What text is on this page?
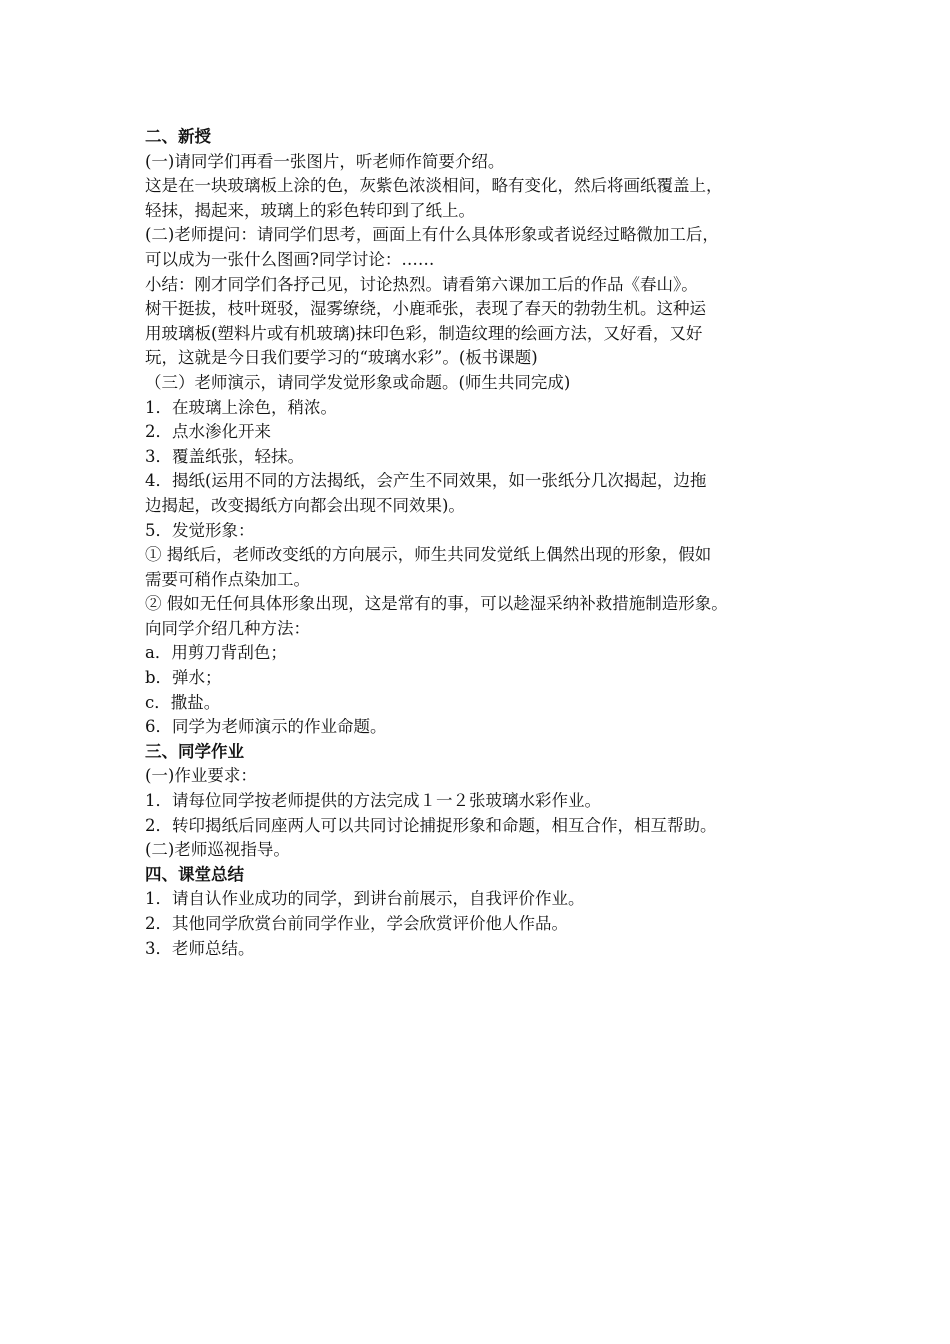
二、新授

(一)请同学们再看一张图片，听老师作简要介绍。

这是在一块玻璃板上涂的色，灰紫色浓淡相间，略有变化，然后将画纸覆盖上，

轻抹，揭起来，玻璃上的彩色转印到了纸上。

(二)老师提问：请同学们思考，画面上有什么具体形象或者说经过略微加工后，

可以成为一张什么图画?同学讨论：……

小结：刚才同学们各抒己见，讨论热烈。请看第六课加工后的作品《春山》。

树干挺拔，枝叶斑驳，湿雾缭绕，小鹿乖张，表现了春天的勃勃生机。这种运

用玻璃板(塑料片或有机玻璃)抹印色彩，制造纹理的绘画方法，又好看，又好

玩，这就是今日我们要学习的“玻璃水彩”。(板书课题)

（三）老师演示，请同学发觉形象或命题。(师生共同完成)

1．在玻璃上涂色，稍浓。

2．点水渗化开来

3．覆盖纸张，轻抹。

4．揭纸(运用不同的方法揭纸，会产生不同效果，如一张纸分几次揭起，边拖

边揭起，改变揭纸方向都会出现不同效果)。

5．发觉形象：

① 揭纸后，老师改变纸的方向展示，师生共同发觉纸上偶然出现的形象，假如

需要可稍作点染加工。

② 假如无任何具体形象出现，这是常有的事，可以趁湿采纳补救措施制造形象。

向同学介绍几种方法：

a．用剪刀背刮色；

b．弹水；

c．撒盐。

6．同学为老师演示的作业命题。

三、同学作业

(一)作业要求：

1．请每位同学按老师提供的方法完成１一２张玻璃水彩作业。

2．转印揭纸后同座两人可以共同讨论捕捉形象和命题，相互合作，相互帮助。

(二)老师巡视指导。

四、课堂总结

1．请自认作业成功的同学，到讲台前展示，自我评价作业。

2．其他同学欣赏台前同学作业，学会欣赏评价他人作品。

3．老师总结。
